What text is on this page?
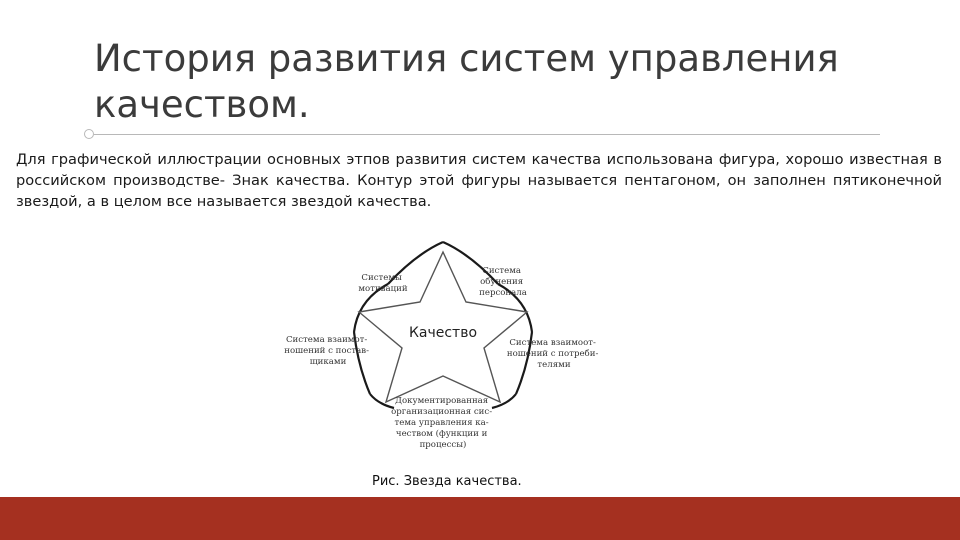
История развития систем управления
качеством.

Для графической иллюстрации основных этпов развития систем качества использована фигура, хорошо известная в российском производстве- Знак качества. Контур этой фигуры называется пентагоном, он заполнен пятиконечной звездой, а в целом все называется звездой качества.

Качество
Системы мотиваций
Система обучения персонала
Система взаимот- ношений с постав- щиками
Система взаимоот- ношений с потреби- телями
Документированная организационная сис- тема управления ка- чеством (функции и процессы)
Рис. Звезда качества.
